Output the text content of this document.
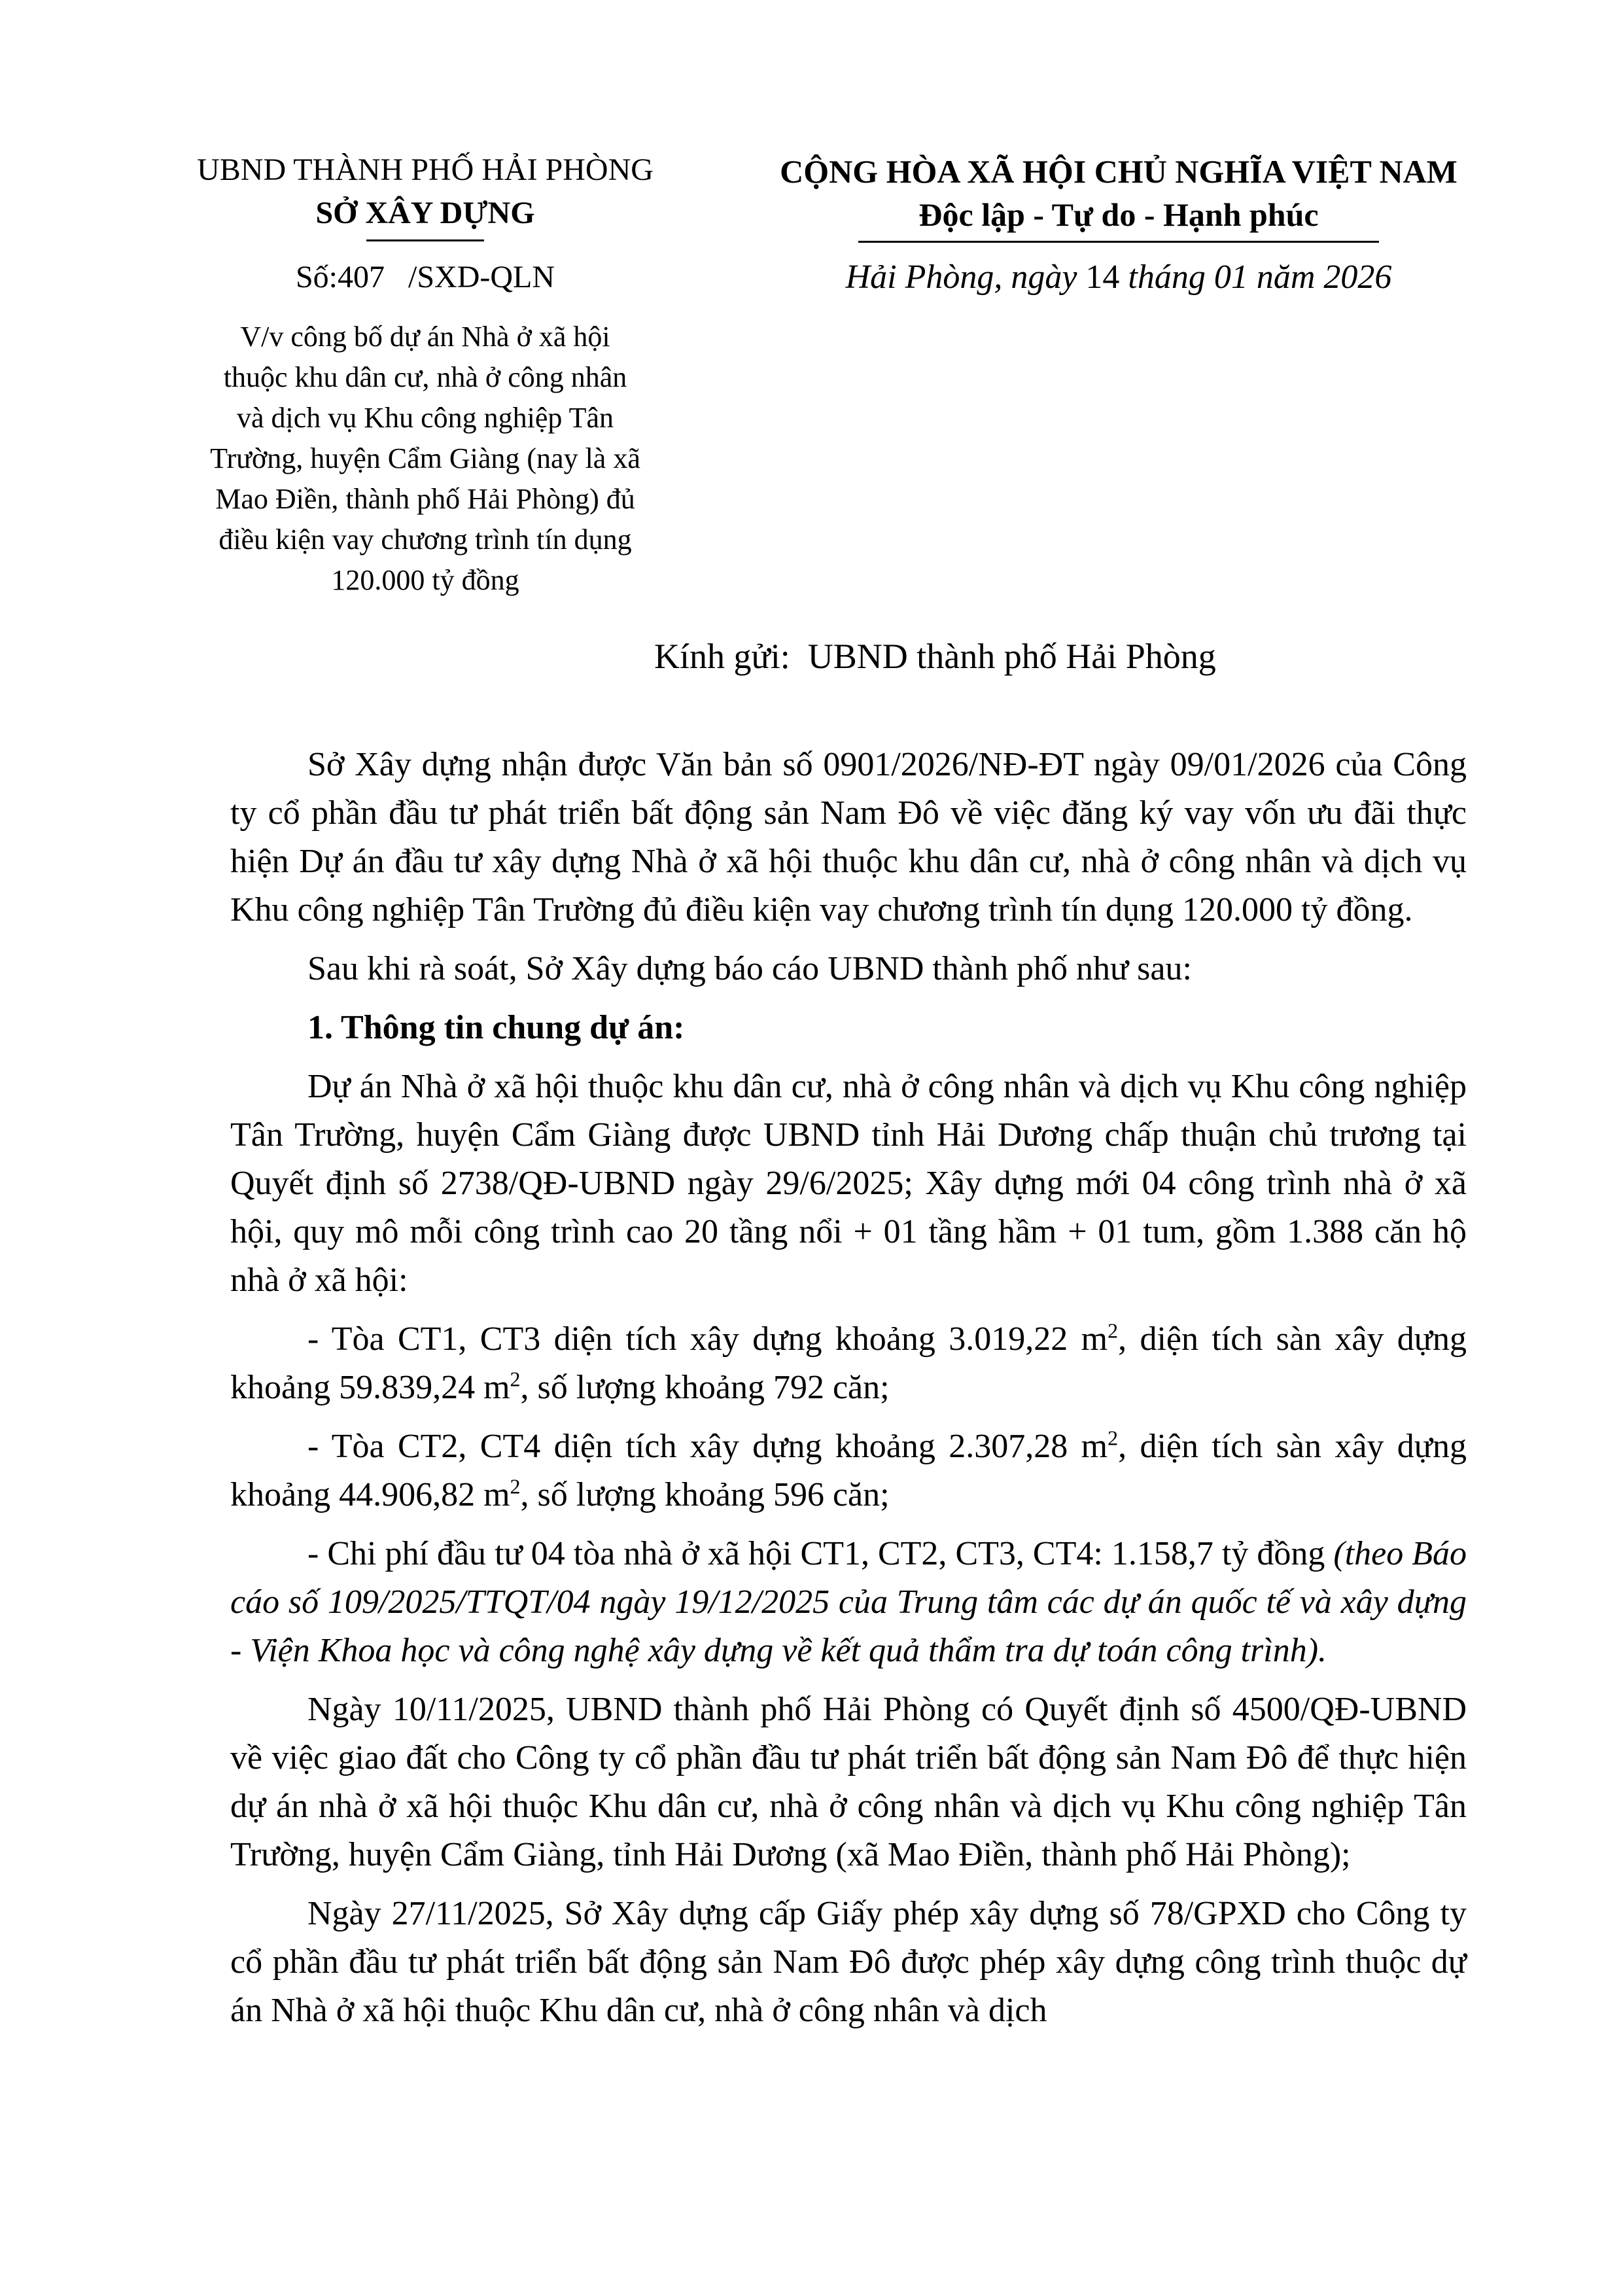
UBND THÀNH PHỐ HẢI PHÒNG
SỞ XÂY DỰNG
Số:407 /SXD-QLN
V/v công bố dự án Nhà ở xã hội
thuộc khu dân cư, nhà ở công nhân
và dịch vụ Khu công nghiệp Tân
Trường, huyện Cẩm Giàng (nay là xã
Mao Điền, thành phố Hải Phòng) đủ
điều kiện vay chương trình tín dụng
120.000 tỷ đồng
CỘNG HÒA XÃ HỘI CHỦ NGHĨA VIỆT NAM
Độc lập - Tự do - Hạnh phúc
Hải Phòng, ngày 14 tháng 01 năm 2026
Kính gửi: UBND thành phố Hải Phòng

Sở Xây dựng nhận được Văn bản số 0901/2026/NĐ-ĐT ngày 09/01/2026 của Công ty cổ phần đầu tư phát triển bất động sản Nam Đô về việc đăng ký vay vốn ưu đãi thực hiện Dự án đầu tư xây dựng Nhà ở xã hội thuộc khu dân cư, nhà ở công nhân và dịch vụ Khu công nghiệp Tân Trường đủ điều kiện vay chương trình tín dụng 120.000 tỷ đồng.

Sau khi rà soát, Sở Xây dựng báo cáo UBND thành phố như sau:

1. Thông tin chung dự án:

Dự án Nhà ở xã hội thuộc khu dân cư, nhà ở công nhân và dịch vụ Khu công nghiệp Tân Trường, huyện Cẩm Giàng được UBND tỉnh Hải Dương chấp thuận chủ trương tại Quyết định số 2738/QĐ-UBND ngày 29/6/2025; Xây dựng mới 04 công trình nhà ở xã hội, quy mô mỗi công trình cao 20 tầng nổi + 01 tầng hầm + 01 tum, gồm 1.388 căn hộ nhà ở xã hội:

- Tòa CT1, CT3 diện tích xây dựng khoảng 3.019,22 $m^2$, diện tích sàn xây dựng khoảng 59.839,24 $m^2$, số lượng khoảng 792 căn;

- Tòa CT2, CT4 diện tích xây dựng khoảng 2.307,28 $m^2$, diện tích sàn xây dựng khoảng 44.906,82 $m^2$, số lượng khoảng 596 căn;

- Chi phí đầu tư 04 tòa nhà ở xã hội CT1, CT2, CT3, CT4: 1.158,7 tỷ đồng (theo Báo cáo số 109/2025/TTQT/04 ngày 19/12/2025 của Trung tâm các dự án quốc tế và xây dựng - Viện Khoa học và công nghệ xây dựng về kết quả thẩm tra dự toán công trình).

Ngày 10/11/2025, UBND thành phố Hải Phòng có Quyết định số 4500/QĐ-UBND về việc giao đất cho Công ty cổ phần đầu tư phát triển bất động sản Nam Đô để thực hiện dự án nhà ở xã hội thuộc Khu dân cư, nhà ở công nhân và dịch vụ Khu công nghiệp Tân Trường, huyện Cẩm Giàng, tỉnh Hải Dương (xã Mao Điền, thành phố Hải Phòng);

Ngày 27/11/2025, Sở Xây dựng cấp Giấy phép xây dựng số 78/GPXD cho Công ty cổ phần đầu tư phát triển bất động sản Nam Đô được phép xây dựng công trình thuộc dự án Nhà ở xã hội thuộc Khu dân cư, nhà ở công nhân và dịch
